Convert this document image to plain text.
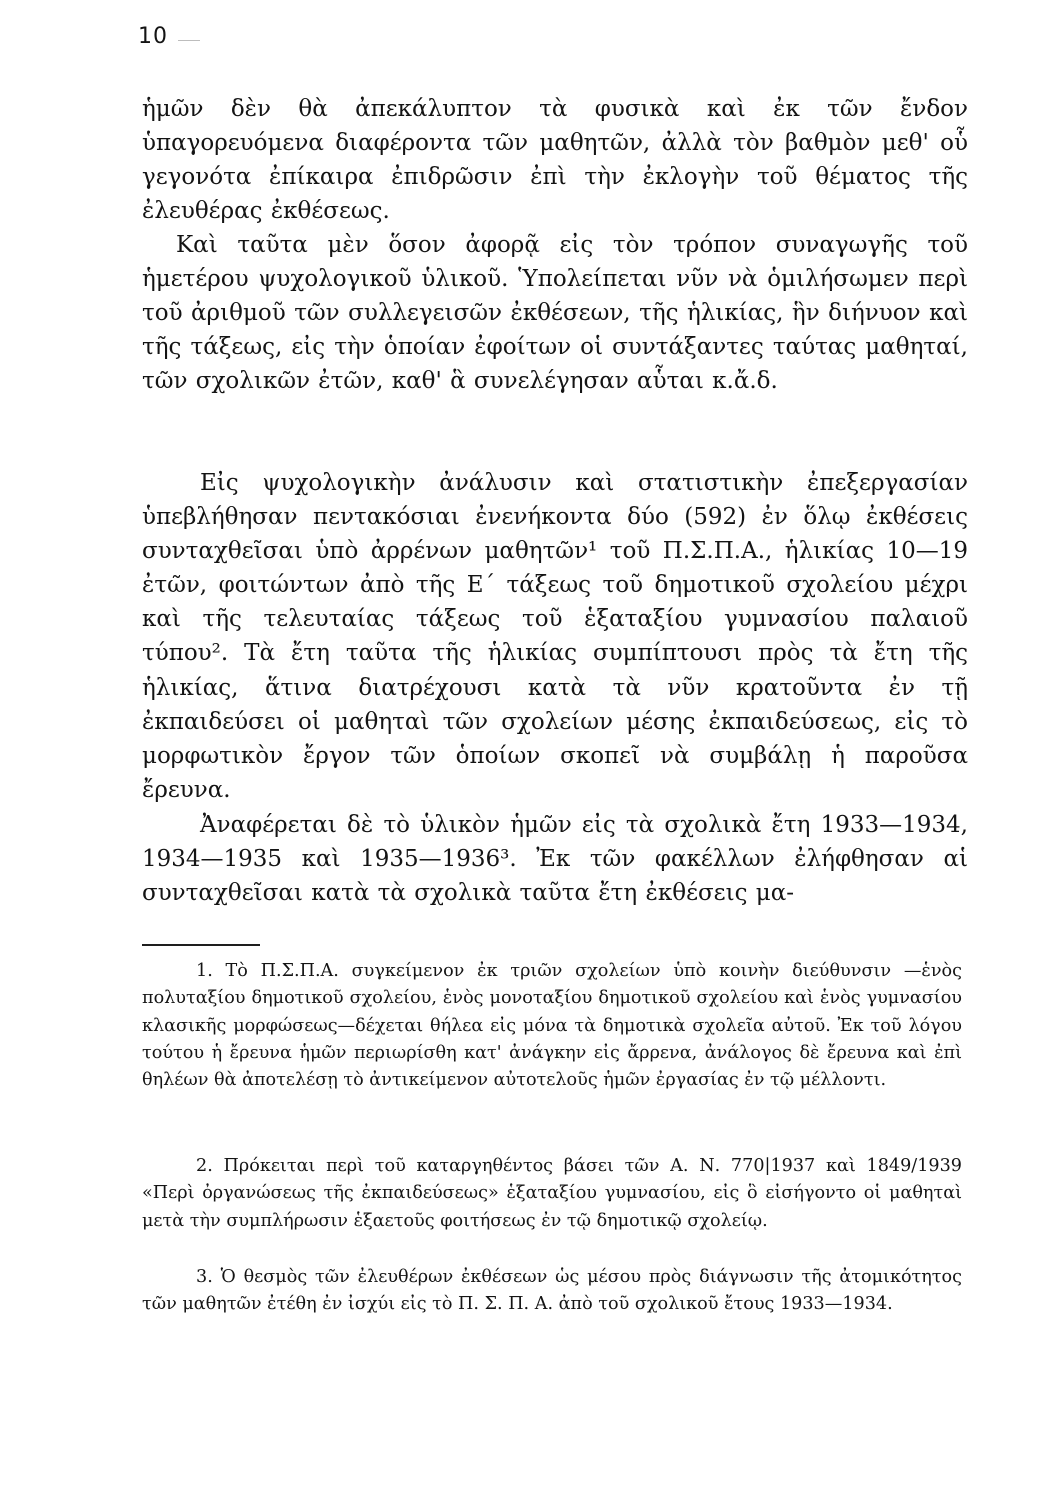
10

ἡμῶν δὲν θὰ ἀπεκάλυπτον τὰ φυσικὰ καὶ ἐκ τῶν ἔνδον ὑπαγορευόμενα διαφέροντα τῶν μαθητῶν, ἀλλὰ τὸν βαθμὸν μεθ' οὗ γεγονότα ἐπίκαιρα ἐπιδρῶσιν ἐπὶ τὴν ἐκλογὴν τοῦ θέματος τῆς ἐλευθέρας ἐκθέσεως.

Καὶ ταῦτα μὲν ὅσον ἀφορᾷ εἰς τὸν τρόπον συναγωγῆς τοῦ ἡμετέρου ψυχολογικοῦ ὑλικοῦ. Ὑπολείπεται νῦν νὰ ὁμιλήσωμεν περὶ τοῦ ἀριθμοῦ τῶν συλλεγεισῶν ἐκθέσεων, τῆς ἡλικίας, ἣν διήνυον καὶ τῆς τάξεως, εἰς τὴν ὁποίαν ἐφοίτων οἱ συντάξαντες ταύτας μαθηταί, τῶν σχολικῶν ἐτῶν, καθ' ἃ συνελέγησαν αὗται κ.ἄ.δ.

Εἰς ψυχολογικὴν ἀνάλυσιν καὶ στατιστικὴν ἐπεξεργασίαν ὑπεβλήθησαν πεντακόσιαι ἐνενήκοντα δύο (592) ἐν ὅλῳ ἐκθέσεις συνταχθεῖσαι ὑπὸ ἀρρένων μαθητῶν¹ τοῦ Π.Σ.Π.Α., ἡλικίας 10—19 ἐτῶν, φοιτώντων ἀπὸ τῆς Ε΄ τάξεως τοῦ δημοτικοῦ σχολείου μέχρι καὶ τῆς τελευταίας τάξεως τοῦ ἑξαταξίου γυμνασίου παλαιοῦ τύπου². Τὰ ἔτη ταῦτα τῆς ἡλικίας συμπίπτουσι πρὸς τὰ ἔτη τῆς ἡλικίας, ἅτινα διατρέχουσι κατὰ τὰ νῦν κρατοῦντα ἐν τῇ ἐκπαιδεύσει οἱ μαθηταὶ τῶν σχολείων μέσης ἐκπαιδεύσεως, εἰς τὸ μορφωτικὸν ἔργον τῶν ὁποίων σκοπεῖ νὰ συμβάλῃ ἡ παροῦσα ἔρευνα.

Ἀναφέρεται δὲ τὸ ὑλικὸν ἡμῶν εἰς τὰ σχολικὰ ἔτη 1933—1934, 1934—1935 καὶ 1935—1936³. Ἐκ τῶν φακέλλων ἐλήφθησαν αἱ συνταχθεῖσαι κατὰ τὰ σχολικὰ ταῦτα ἔτη ἐκθέσεις μα-

1. Τὸ Π.Σ.Π.Α. συγκείμενον ἐκ τριῶν σχολείων ὑπὸ κοινὴν διεύθυνσιν —ἑνὸς πολυταξίου δημοτικοῦ σχολείου, ἑνὸς μονοταξίου δημοτικοῦ σχολείου καὶ ἑνὸς γυμνασίου κλασικῆς μορφώσεως—δέχεται θήλεα εἰς μόνα τὰ δημοτικὰ σχολεῖα αὐτοῦ. Ἐκ τοῦ λόγου τούτου ἡ ἔρευνα ἡμῶν περιωρίσθη κατ' ἀνάγκην εἰς ἄρρενα, ἀνάλογος δὲ ἔρευνα καὶ ἐπὶ θηλέων θὰ ἀποτελέσῃ τὸ ἀντικείμενον αὐτοτελοῦς ἡμῶν ἐργασίας ἐν τῷ μέλλοντι.

2. Πρόκειται περὶ τοῦ καταργηθέντος βάσει τῶν Α. Ν. 770|1937 καὶ 1849/1939 «Περὶ ὀργανώσεως τῆς ἐκπαιδεύσεως» ἑξαταξίου γυμνασίου, εἰς ὃ εἰσήγοντο οἱ μαθηταὶ μετὰ τὴν συμπλήρωσιν ἑξαετοῦς φοιτήσεως ἐν τῷ δημοτικῷ σχολείῳ.

3. Ὁ θεσμὸς τῶν ἐλευθέρων ἐκθέσεων ὡς μέσου πρὸς διάγνωσιν τῆς ἀτομικότητος τῶν μαθητῶν ἐτέθη ἐν ἰσχύι εἰς τὸ Π. Σ. Π. Α. ἀπὸ τοῦ σχολικοῦ ἔτους 1933—1934.
